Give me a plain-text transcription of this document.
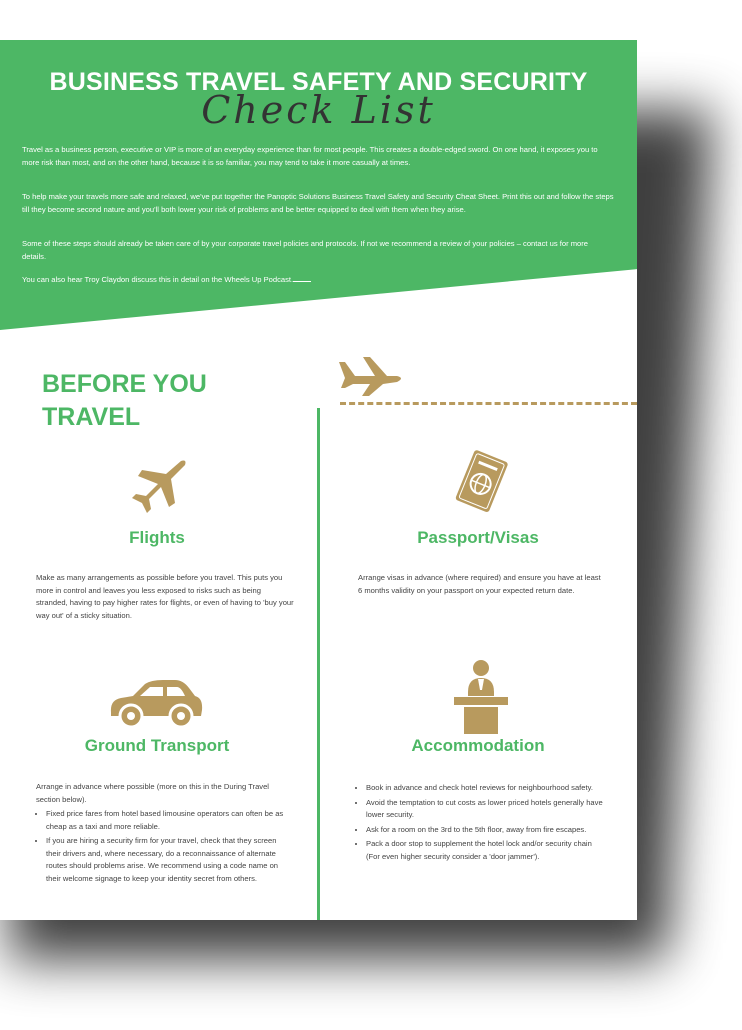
BUSINESS TRAVEL SAFETY AND SECURITY
Check List

Travel as a business person, executive or VIP is more of an everyday experience than for most people. This creates a double-edged sword. On one hand, it exposes you to more risk than most, and on the other hand, because it is so familiar, you may tend to take it more casually at times.

To help make your travels more safe and relaxed, we've put together the Panoptic Solutions Business Travel Safety and Security Cheat Sheet. Print this out and follow the steps till they become second nature and you'll both lower your risk of problems and be better equipped to deal with them when they arise.

Some of these steps should already be taken care of by your corporate travel policies and protocols. If not we recommend a review of your policies – contact us for more details.

You can also hear Troy Claydon discuss this in detail on the Wheels Up Podcast.

BEFORE YOU TRAVEL
Flights	Passport/Visas

Make as many arrangements as possible before you travel. This puts you more in control and leaves you less exposed to risks such as being stranded, having to pay higher rates for flights, or even of having to 'buy your way out' of a sticky situation.

Arrange visas in advance (where required) and ensure you have at least 6 months validity on your passport on your expected return date.

Ground Transport	Accommodation

Arrange in advance where possible (more on this in the During Travel section below).

• Fixed price fares from hotel based limousine operators can often be as cheap as a taxi and more reliable.
• If you are hiring a security firm for your travel, check that they screen their drivers and, where necessary, do a reconnaissance of alternate routes should problems arise. We recommend using a code name on their welcome signage to keep your identity secret from others.
• Book in advance and check hotel reviews for neighbourhood safety.
• Avoid the temptation to cut costs as lower priced hotels generally have lower security.
• Ask for a room on the 3rd to the 5th floor, away from fire escapes.
• Pack a door stop to supplement the hotel lock and/or security chain (For even higher security consider a 'door jammer').
